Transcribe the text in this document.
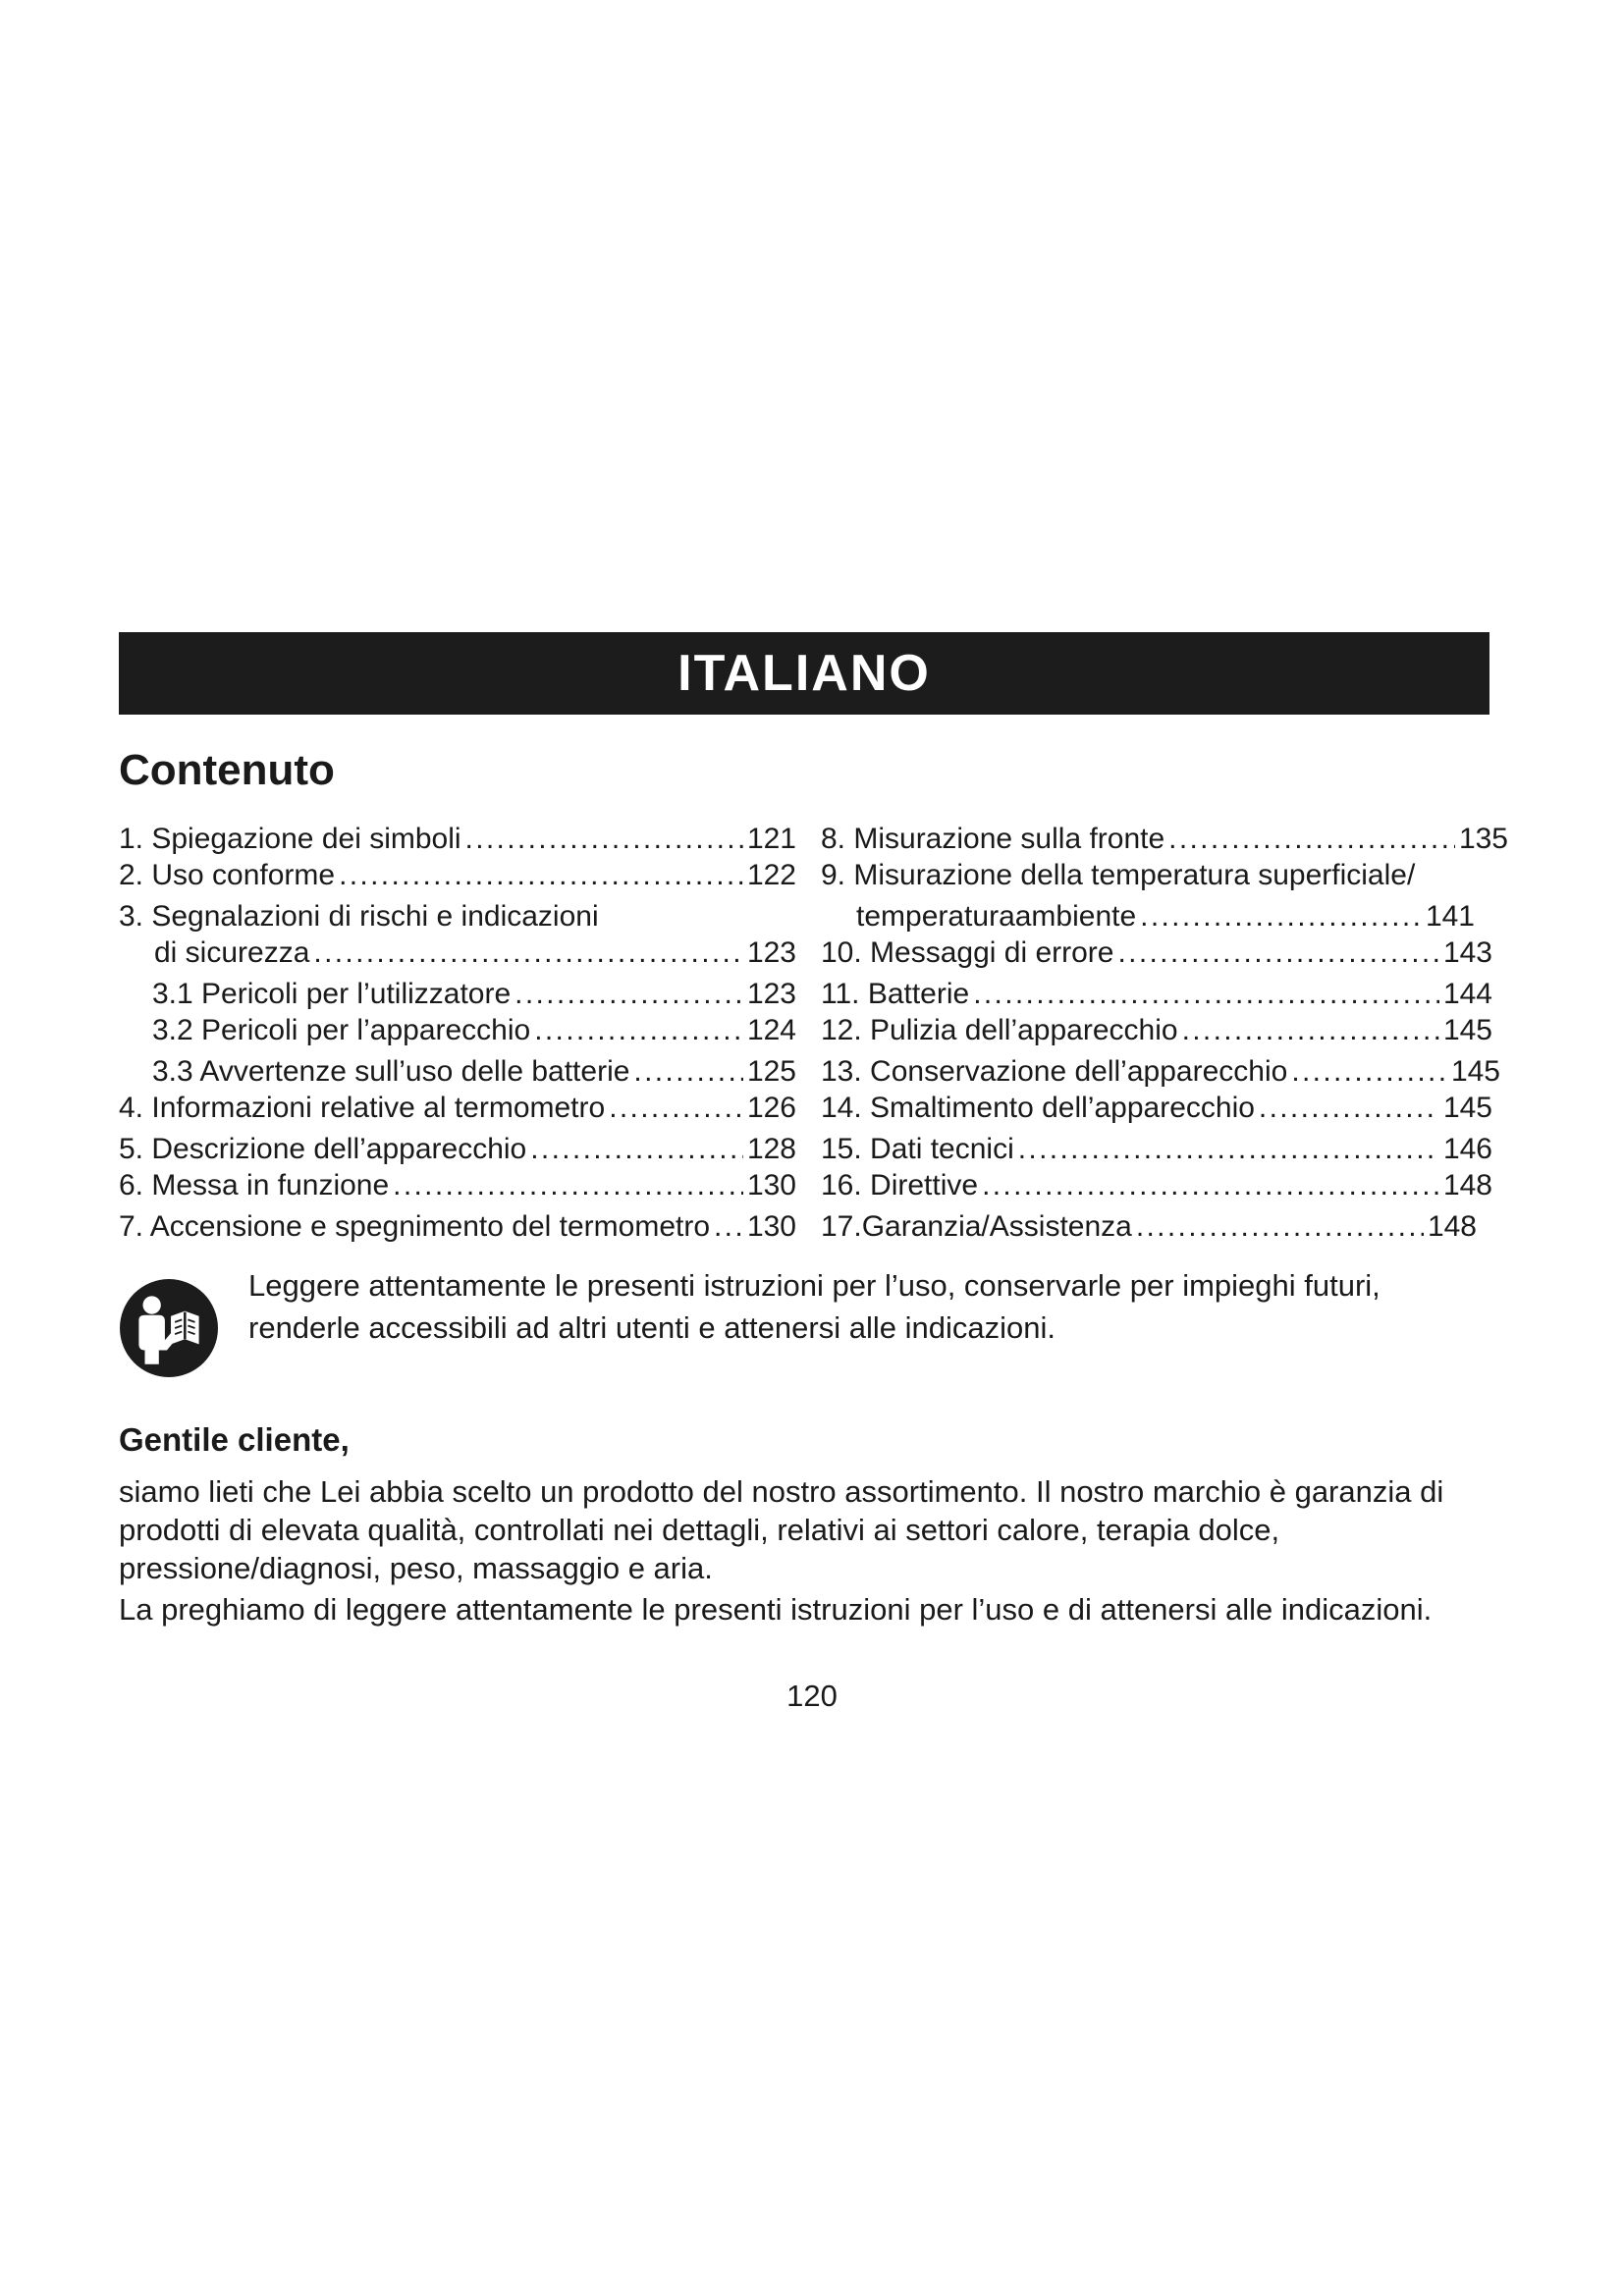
ITALIANO
Contenuto
1. Spiegazione dei simboli . . .	121
2. Uso conforme . . .	122
3. Segnalazioni di rischi e indicazioni
di sicurezza . . .	123
3.1 Pericoli per l’utilizzatore . . .	123
3.2 Pericoli per l’apparecchio . . .	124
3.3 Avvertenze sull’uso delle batterie . . .	125
4. Informazioni relative al termometro . . .	126
5. Descrizione dell’apparecchio . . .	128
6. Messa in funzione . . .	130
7. Accensione e spegnimento del termometro . . . 130
8. Misurazione sulla fronte . . .	135
9. Misurazione della temperatura superficiale/
temperaturaambiente . . .	141
10. Messaggi di errore . . .	143
11. Batterie . . .	144
12. Pulizia dell’apparecchio . . .	145
13. Conservazione dell’apparecchio . . .	145
14. Smaltimento dell’apparecchio . . .	145
15. Dati tecnici . . .	146
16. Direttive . . .	148
17.Garanzia/Assistenza . . .	148

Leggere attentamente le presenti istruzioni per l’uso, conservarle per impieghi futuri, renderle accessibili ad altri utenti e attenersi alle indicazioni.

Gentile cliente,

siamo lieti che Lei abbia scelto un prodotto del nostro assortimento. Il nostro marchio è garanzia di prodotti di elevata qualità, controllati nei dettagli, relativi ai settori calore, terapia dolce, pressione/diagnosi, peso, massaggio e aria.

La preghiamo di leggere attentamente le presenti istruzioni per l’uso e di attenersi alle indicazioni.

120
